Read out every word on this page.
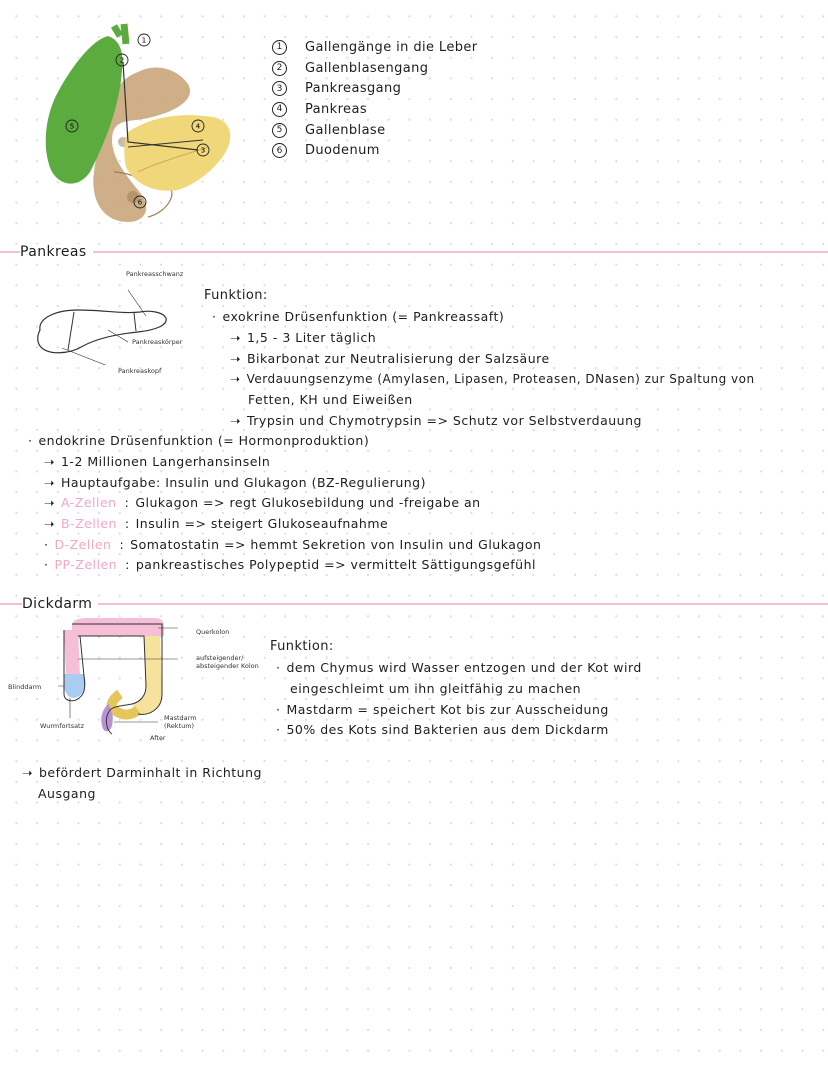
1
2
3
4
5
6
1	Gallengänge in die Leber
2	Gallenblasengang
3	Pankreasgang
4	Pankreas
5	Gallenblase
6	Duodenum
Pankreas
Pankreasschwanz
Pankreaskörper
Pankreaskopf
Funktion:
· exokrine Drüsenfunktion (= Pankreassaft)
➝ 1,5 - 3 Liter täglich
➝ Bikarbonat zur Neutralisierung der Salzsäure
➝ Verdauungsenzyme (Amylasen, Lipasen, Proteasen, DNasen) zur Spaltung von
Fetten, KH und Eiweißen
➝ Trypsin und Chymotrypsin => Schutz vor Selbstverdauung
· endokrine Drüsenfunktion (= Hormonproduktion)
➝ 1-2 Millionen Langerhansinseln
➝ Hauptaufgabe: Insulin und Glukagon (BZ-Regulierung)
➝ A-Zellen : Glukagon => regt Glukosebildung und -freigabe an
➝ B-Zellen : Insulin => steigert Glukoseaufnahme
· D-Zellen : Somatostatin => hemmt Sekretion von Insulin und Glukagon
· PP-Zellen : pankreastisches Polypeptid => vermittelt Sättigungsgefühl
Dickdarm
Querkolon
aufsteigender/ absteigender Kolon
Blinddarm
Wurmfortsatz
After
Mastdarm (Rektum)
Funktion:
· dem Chymus wird Wasser entzogen und der Kot wird
eingeschleimt um ihn gleitfähig zu machen
· Mastdarm = speichert Kot bis zur Ausscheidung
· 50% des Kots sind Bakterien aus dem Dickdarm
➝ befördert Darminhalt in Richtung
Ausgang
